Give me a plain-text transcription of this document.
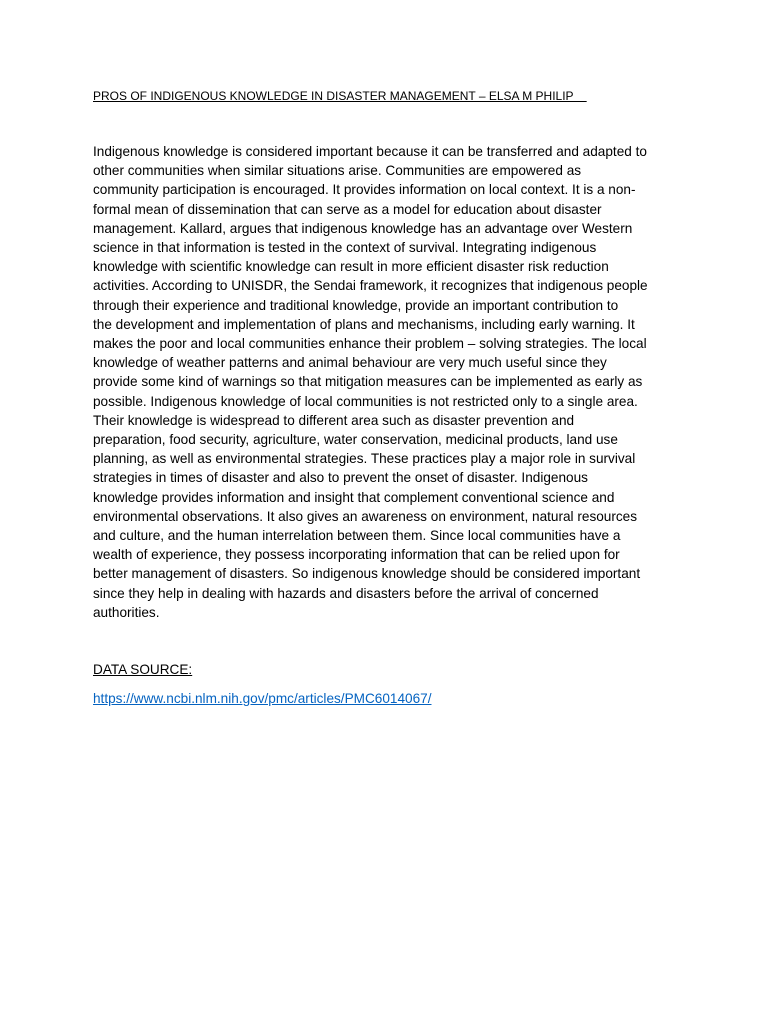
PROS OF INDIGENOUS KNOWLEDGE IN DISASTER MANAGEMENT – ELSA M PHILIP
Indigenous knowledge is considered important because it can be transferred and adapted to
other communities when similar situations arise. Communities are empowered as
community participation is encouraged. It provides information on local context. It is a non-
formal mean of dissemination that can serve as a model for education about disaster
management. Kallard, argues that indigenous knowledge has an advantage over Western
science in that information is tested in the context of survival. Integrating indigenous
knowledge with scientific knowledge can result in more efficient disaster risk reduction
activities. According to UNISDR, the Sendai framework, it recognizes that indigenous people
through their experience and traditional knowledge, provide an important contribution to
the development and implementation of plans and mechanisms, including early warning. It
makes the poor and local communities enhance their problem – solving strategies. The local
knowledge of weather patterns and animal behaviour are very much useful since they
provide some kind of warnings so that mitigation measures can be implemented as early as
possible. Indigenous knowledge of local communities is not restricted only to a single area.
Their knowledge is widespread to different area such as disaster prevention and
preparation, food security, agriculture, water conservation, medicinal products, land use
planning, as well as environmental strategies. These practices play a major role in survival
strategies in times of disaster and also to prevent the onset of disaster. Indigenous
knowledge provides information and insight that complement conventional science and
environmental observations. It also gives an awareness on environment, natural resources
and culture, and the human interrelation between them. Since local communities have a
wealth of experience, they possess incorporating information that can be relied upon for
better management of disasters. So indigenous knowledge should be considered important
since they help in dealing with hazards and disasters before the arrival of concerned
authorities.
DATA SOURCE:
https://www.ncbi.nlm.nih.gov/pmc/articles/PMC6014067/
